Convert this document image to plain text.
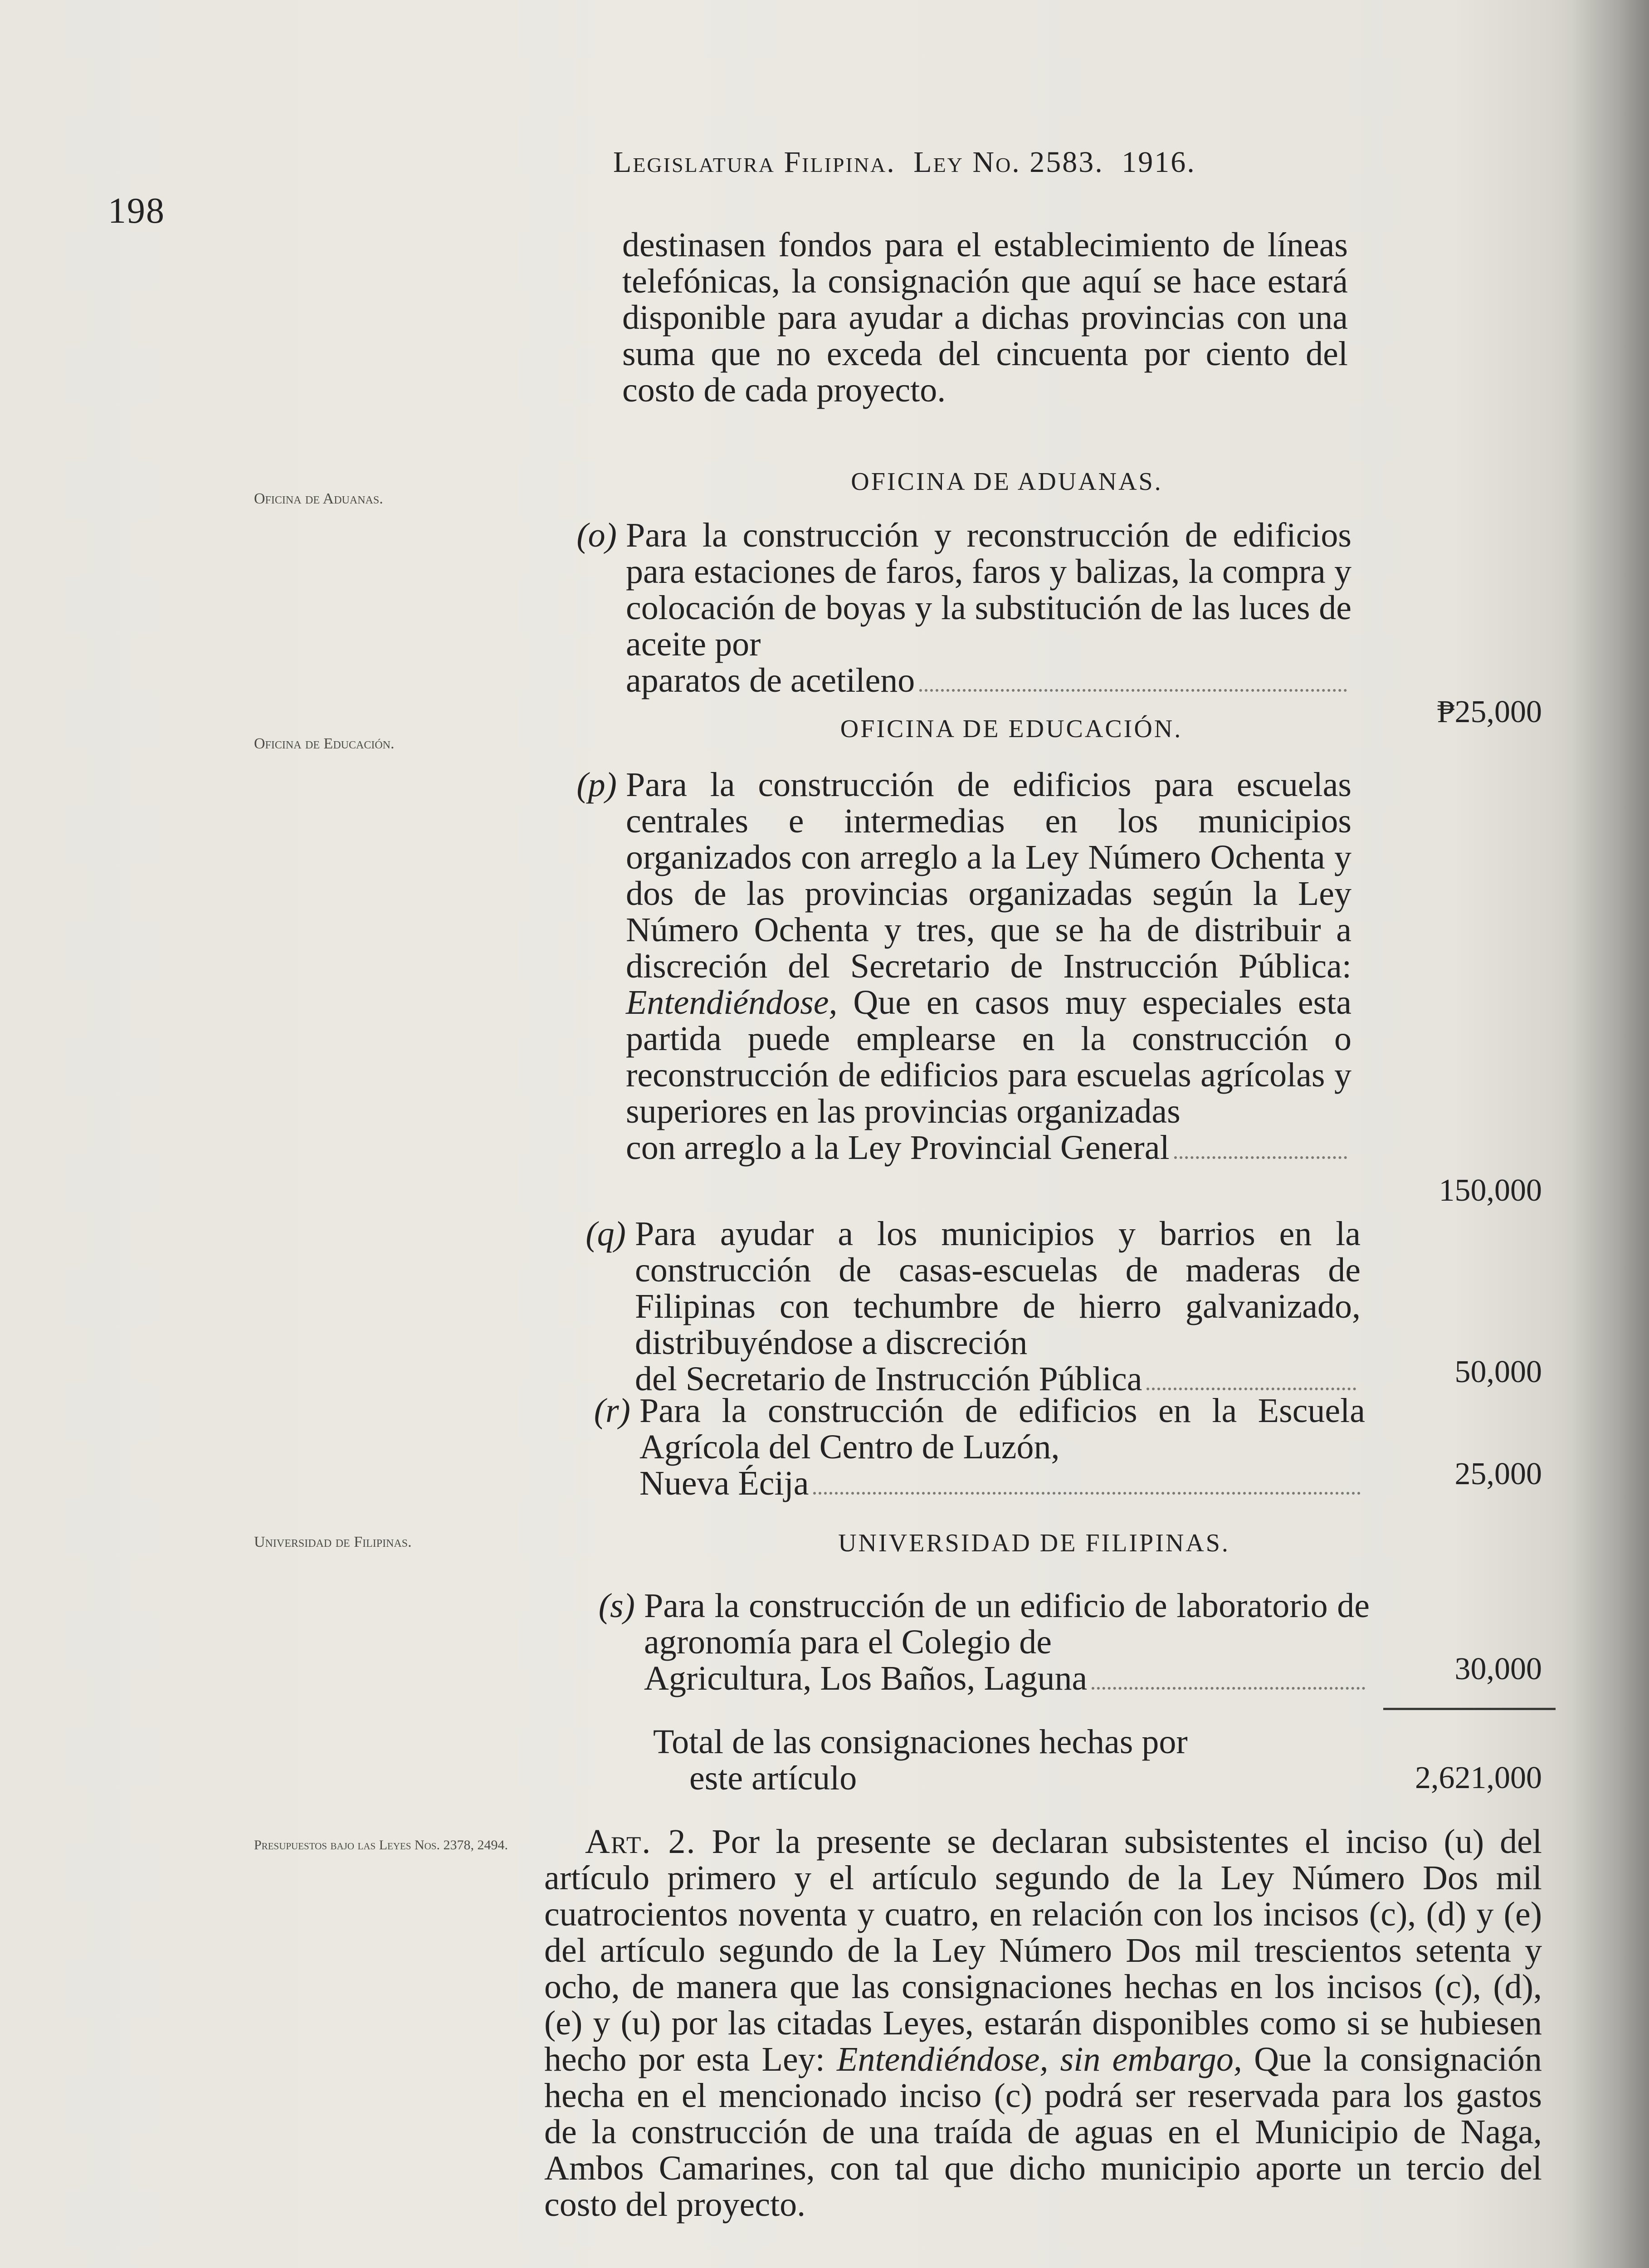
198
Legislatura Filipina. Ley No. 2583. 1916.
destinasen fondos para el establecimiento de líneas telefónicas, la consignación que aquí se hace estará disponible para ayudar a dichas provincias con una suma que no exceda del cincuenta por ciento del costo de cada proyecto.
Oficina de Aduanas.
OFICINA DE ADUANAS.
(o) Para la construcción y reconstrucción de edificios para estaciones de faros, faros y balizas, la compra y colocación de boyas y la substitución de las luces de aceite por
aparatos de acetileno
₱25,000
Oficina de Educación.
OFICINA DE EDUCACIÓN.
(p) Para la construcción de edificios para escuelas centrales e intermedias en los municipios organizados con arreglo a la Ley Número Ochenta y dos de las provincias organizadas según la Ley Número Ochenta y tres, que se ha de distribuir a discreción del Secretario de Instrucción Pública: Entendiéndose, Que en casos muy especiales esta partida puede emplearse en la construcción o reconstrucción de edificios para escuelas agrícolas y superiores en las provincias organizadas
con arreglo a la Ley Provincial General
150,000
(q) Para ayudar a los municipios y barrios en la construcción de casas-escuelas de maderas de Filipinas con techumbre de hierro galvanizado, distribuyéndose a discreción
del Secretario de Instrucción Pública	50,000
(r) Para la construcción de edificios en la Escuela Agrícola del Centro de Luzón,
Nueva Écija	25,000
Universidad de Filipinas.	UNIVERSIDAD DE FILIPINAS.
(s) Para la construcción de un edificio de laboratorio de agronomía para el Colegio de
Agricultura, Los Baños, Laguna	30,000
Total de las consignaciones hechas por
este artículo	2,621,000
Presupuestos bajo las Leyes Nos. 2378, 2494.	Art. 2. Por la presente se declaran subsistentes el inciso (u) del artículo primero y el artículo segundo de la Ley Número Dos mil cuatrocientos noventa y cuatro, en relación con los incisos (c), (d) y (e) del artículo segundo de la Ley Número Dos mil trescientos setenta y ocho, de manera que las consignaciones hechas en los incisos (c), (d), (e) y (u) por las citadas Leyes, estarán disponibles como si se hubiesen hecho por esta Ley: Entendiéndose, sin embargo, Que la consignación hecha en el mencionado inciso (c) podrá ser reservada para los gastos de la construcción de una traída de aguas en el Municipio de Naga, Ambos Camarines, con tal que dicho municipio aporte un tercio del costo del proyecto.
